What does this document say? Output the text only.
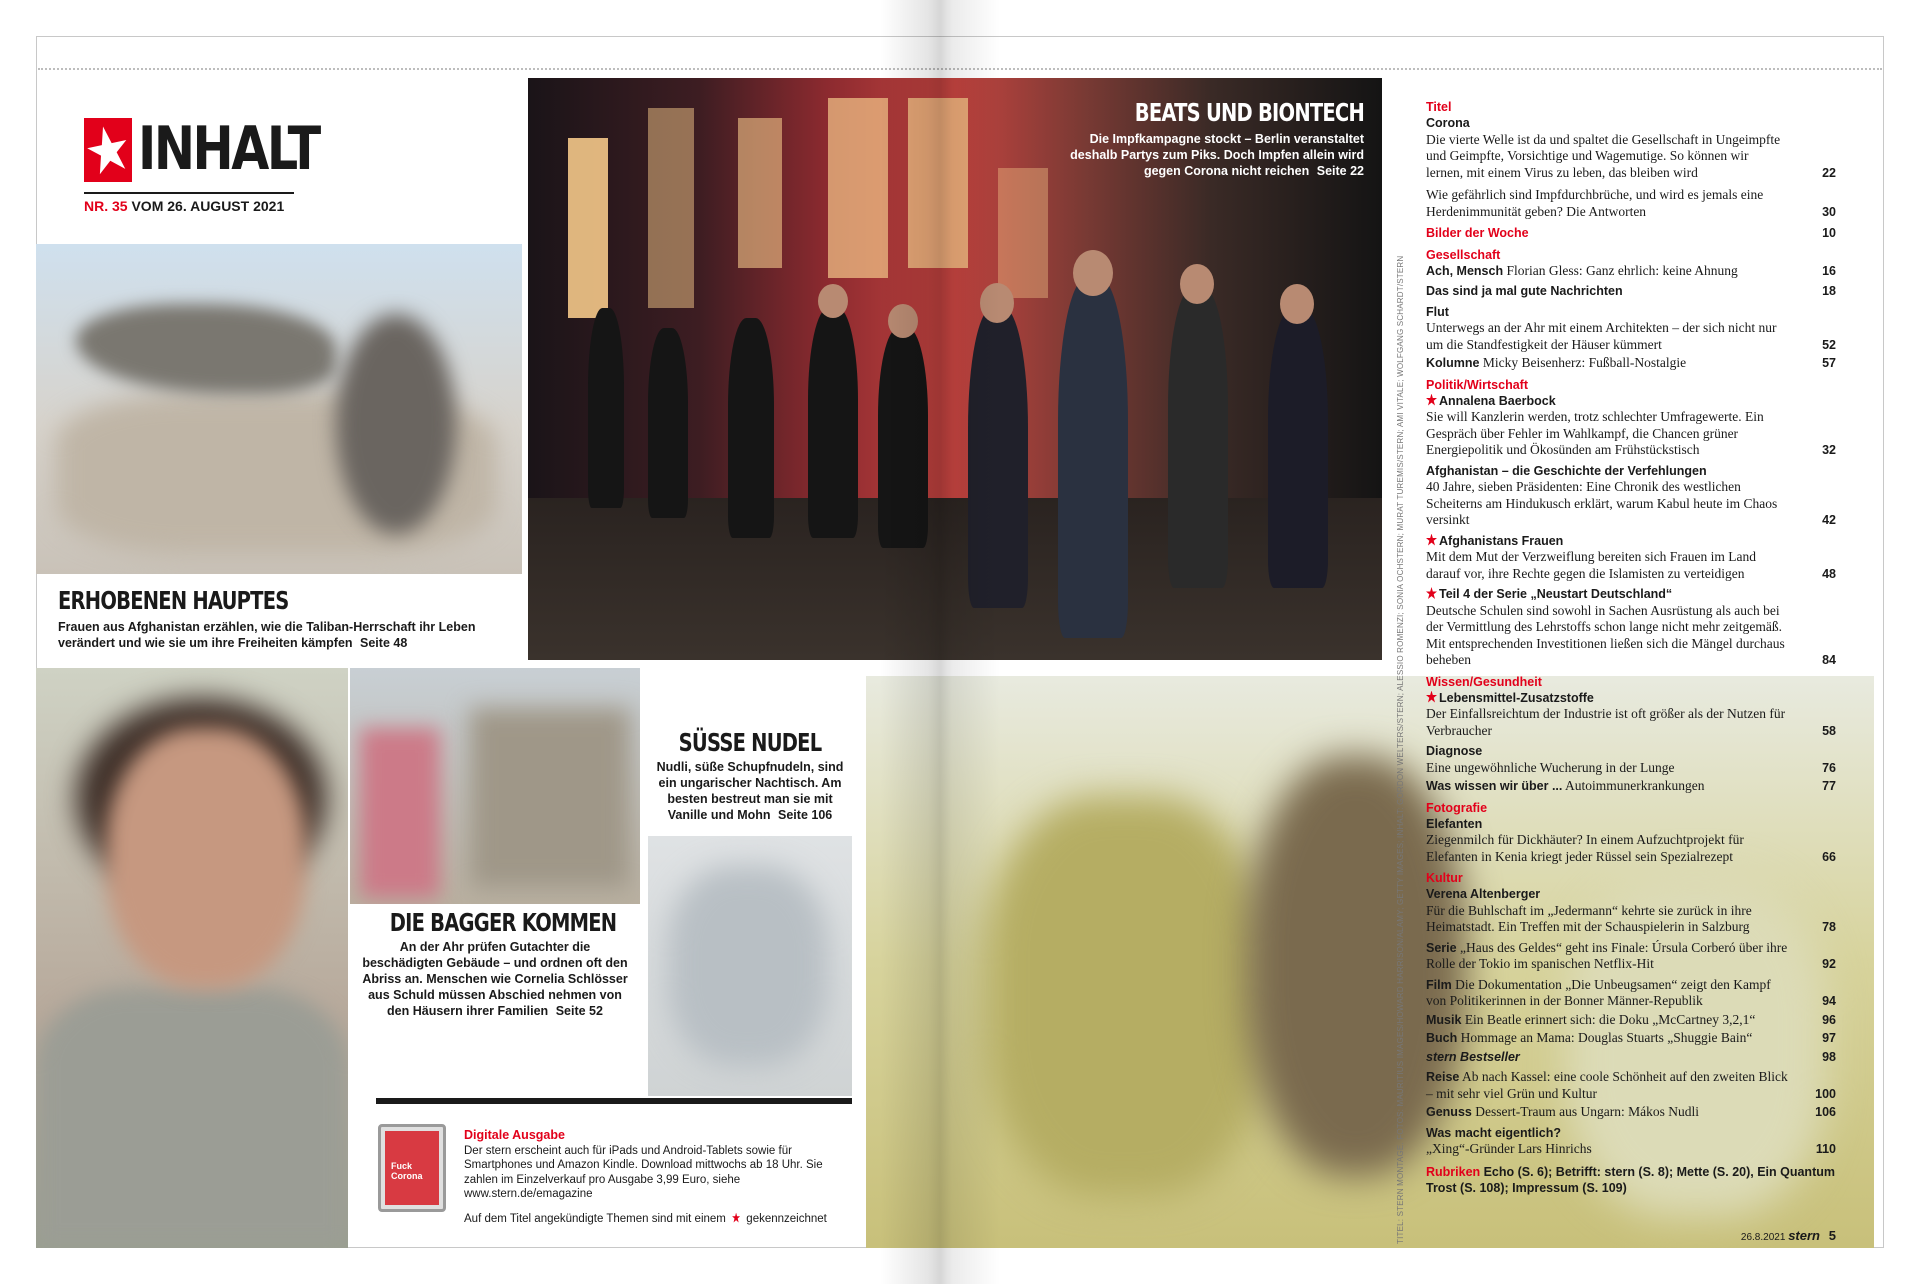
INHALT
NR. 35 VOM 26. AUGUST 2021
BEATS UND BIONTECH
Die Impfkampagne stockt – Berlin veranstaltet deshalb Partys zum Piks. Doch Impfen allein wird gegen Corona nicht reichen Seite 22
ERHOBENEN HAUPTES
Frauen aus Afghanistan erzählen, wie die Taliban-Herrschaft ihr Leben verändert und wie sie um ihre Freiheiten kämpfen Seite 48
SÜSSE NUDEL
Nudli, süße Schupfnudeln, sind ein ungarischer Nachtisch. Am besten bestreut man sie mit Vanille und Mohn Seite 106
DIE BAGGER KOMMEN
An der Ahr prüfen Gutachter die beschädigten Gebäude – und ordnen oft den Abriss an. Menschen wie Cornelia Schlösser aus Schuld müssen Abschied nehmen von den Häusern ihrer Familien Seite 52
Fuck Corona
Digitale Ausgabe
Der stern erscheint auch für iPads und Android-Tablets sowie für Smartphones und Amazon Kindle. Download mittwochs ab 18 Uhr. Sie zahlen im Einzelverkauf pro Ausgabe 3,99 Euro, siehe www.stern.de/emagazine
Auf dem Titel angekündigte Themen sind mit einem gekennzeichnet	TITEL: STERN MONTAGE. FOTOS: MAURITIUS IMAGES/HOWARD HARRISON/ALAMY; GETTY IMAGES; INHALT: GORDON WELTERS/STERN; ALESSIO ROMENZI; SONIA OCHSTERN; MURAT TUREMIS/STERN; AMI VITALE; WOLFGANG SCHARDT/STERN
Titel
Corona
Die vierte Welle ist da und spaltet die Gesellschaft in Ungeimpfte und Geimpfte, Vorsichtige und Wagemutige. So können wir lernen, mit einem Virus zu leben, das bleiben wird	22
Wie gefährlich sind Impfdurchbrüche, und wird es jemals eine Herdenimmunität geben? Die Antworten	30
Bilder der Woche	10
Gesellschaft
Ach, Mensch Florian Gless: Ganz ehrlich: keine Ahnung	16
Das sind ja mal gute Nachrichten	18
Flut
Unterwegs an der Ahr mit einem Architekten – der sich nicht nur um die Standfestigkeit der Häuser kümmert	52
Kolumne Micky Beisenherz: Fußball-Nostalgie	57
Politik/Wirtschaft
Annalena Baerbock
Sie will Kanzlerin werden, trotz schlechter Umfragewerte. Ein Gespräch über Fehler im Wahlkampf, die Chancen grüner Energiepolitik und Ökosünden am Frühstückstisch	32
Afghanistan – die Geschichte der Verfehlungen
40 Jahre, sieben Präsidenten: Eine Chronik des westlichen Scheiterns am Hindukusch erklärt, warum Kabul heute im Chaos versinkt	42
Afghanistans Frauen
Mit dem Mut der Verzweiflung bereiten sich Frauen im Land darauf vor, ihre Rechte gegen die Islamisten zu verteidigen	48
Teil 4 der Serie „Neustart Deutschland“
Deutsche Schulen sind sowohl in Sachen Ausrüstung als auch bei der Vermittlung des Lehrstoffs schon lange nicht mehr zeitgemäß. Mit entsprechenden Investitionen ließen sich die Mängel durchaus beheben	84
Wissen/Gesundheit
Lebensmittel-Zusatzstoffe
Der Einfallsreichtum der Industrie ist oft größer als der Nutzen für Verbraucher	58
Diagnose
Eine ungewöhnliche Wucherung in der Lunge	76
Was wissen wir über ... Autoimmunerkrankungen	77
Fotografie
Elefanten
Ziegenmilch für Dickhäuter? In einem Aufzuchtprojekt für Elefanten in Kenia kriegt jeder Rüssel sein Spezialrezept	66
Kultur
Verena Altenberger
Für die Buhlschaft im „Jedermann“ kehrte sie zurück in ihre Heimatstadt. Ein Treffen mit der Schauspielerin in Salzburg	78
Serie „Haus des Geldes“ geht ins Finale: Úrsula Corberó über ihre Rolle der Tokio im spanischen Netflix-Hit	92
Film Die Dokumentation „Die Unbeugsamen“ zeigt den Kampf von Politikerinnen in der Bonner Männer-Republik	94
Musik Ein Beatle erinnert sich: die Doku „McCartney 3,2,1“	96
Buch Hommage an Mama: Douglas Stuarts „Shuggie Bain“	97
stern Bestseller	98
Reise Ab nach Kassel: eine coole Schönheit auf den zweiten Blick – mit sehr viel Grün und Kultur	100
Genuss Dessert-Traum aus Ungarn: Mákos Nudli	106
Was macht eigentlich?
„Xing“-Gründer Lars Hinrichs	110
Rubriken Echo (S. 6); Betrifft: stern (S. 8); Mette (S. 20), Ein Quantum Trost (S. 108); Impressum (S. 109)
26.8.2021 stern 5
